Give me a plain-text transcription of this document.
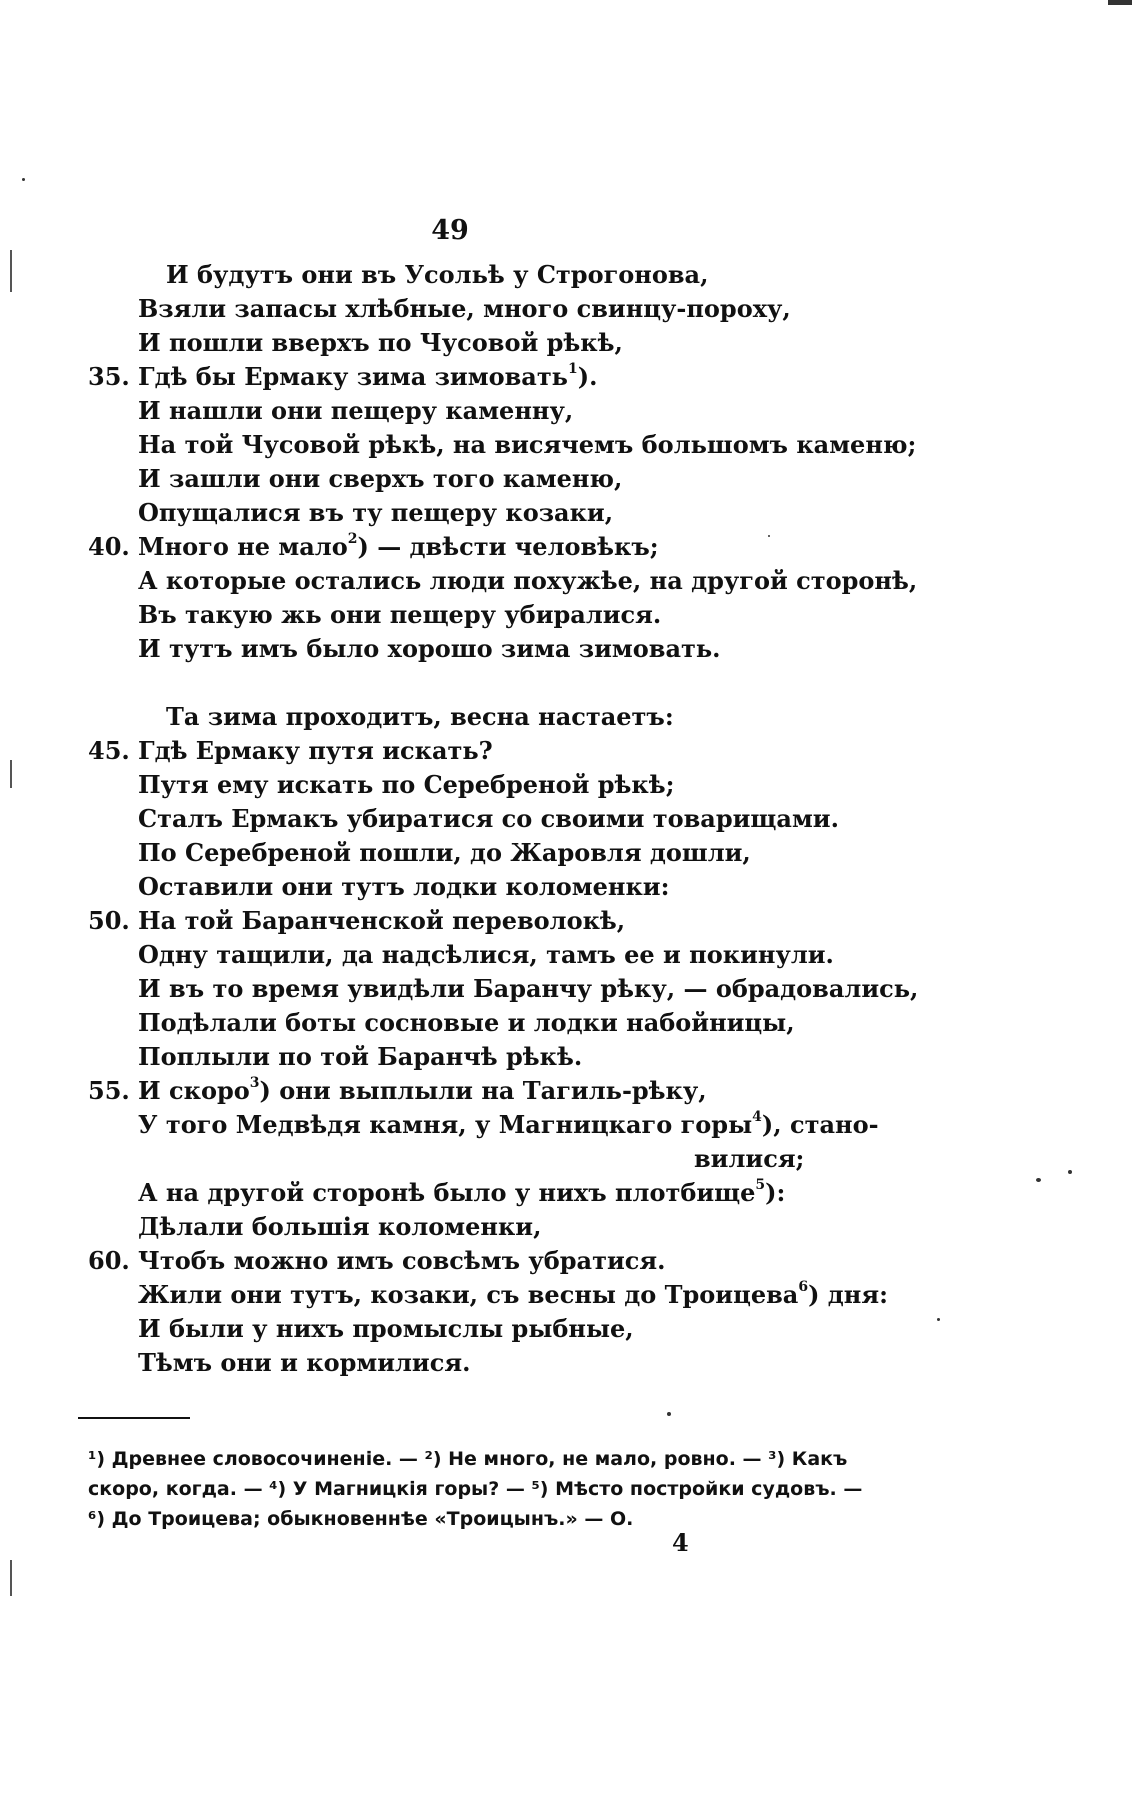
49
И будутъ они въ Усольѣ у Строгонова,
Взяли запасы хлѣбные, много свинцу-пороху,
И пошли вверхъ по Чусовой рѣкѣ,
35. Гдѣ бы Ермаку зима зимовать$^1$).
И нашли они пещеру каменну,
На той Чусовой рѣкѣ, на висячемъ большомъ каменю;
И зашли они сверхъ того каменю,
Опущалися въ ту пещеру козаки,
40. Много не мало$^2$) — двѣсти человѣкъ;
А которые остались люди похужѣе, на другой сторонѣ,
Въ такую жь они пещеру убиралися.
И тутъ имъ было хорошо зима зимовать.
Та зима проходитъ, весна настаетъ:
45. Гдѣ Ермаку путя искать?
Путя ему искать по Серебреной рѣкѣ;
Сталъ Ермакъ убиратися со своими товарищами.
По Серебреной пошли, до Жаровля дошли,
Оставили они тутъ лодки коломенки:
50. На той Баранченской переволокѣ,
Одну тащили, да надсѣлися, тамъ ее и покинули.
И въ то время увидѣли Баранчу рѣку, — обрадовались,
Подѣлали боты сосновые и лодки набойницы,
Поплыли по той Баранчѣ рѣкѣ.
55. И скоро$^3$) они выплыли на Тагиль-рѣку,
У того Медвѣдя камня, у Магницкаго горы$^4$), стано-
вилися;
А на другой сторонѣ было у нихъ плотбище$^5$):
Дѣлали большія коломенки,
60. Чтобъ можно имъ совсѣмъ убратися.
Жили они тутъ, козаки, съ весны до Троицева$^6$) дня:
И были у нихъ промыслы рыбные,
Тѣмъ они и кормилися.
¹) Древнее словосочиненіе. — ²) Не много, не мало, ровно. — ³) Какъ
скоро, когда. — ⁴) У Магницкія горы? — ⁵) Мѣсто постройки судовъ. —
⁶) До Троицева; обыкновеннѣе «Троицынъ.» — О.
4
